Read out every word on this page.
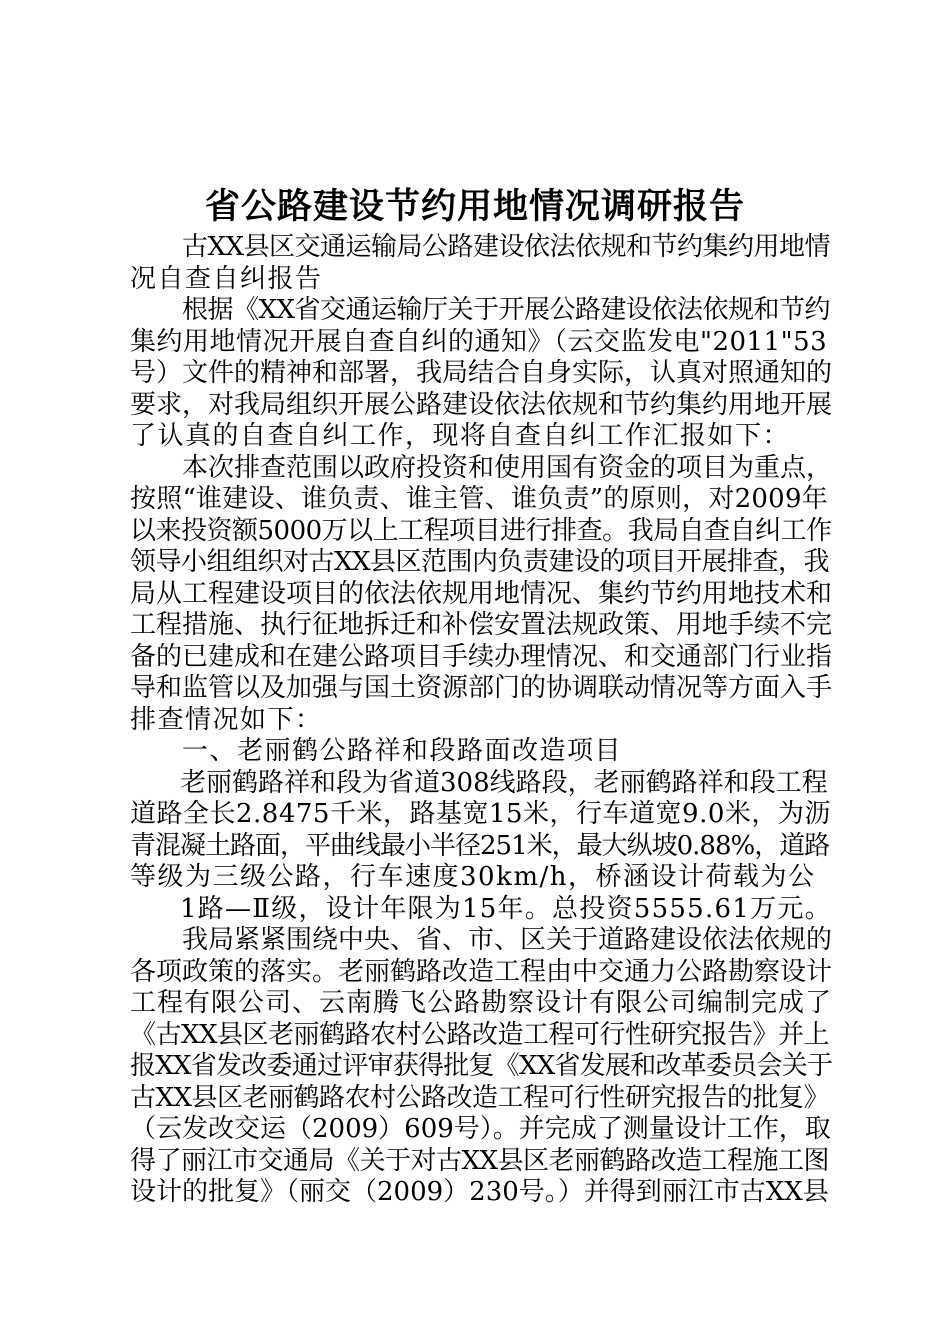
省公路建设节约用地情况调研报告
古XX县区交通运输局公路建设依法依规和节约集约用地情
况自查自纠报告
根据《XX省交通运输厅关于开展公路建设依法依规和节约
集约用地情况开展自查自纠的通知》（云交监发电"2011"53
号）文件的精神和部署，我局结合自身实际，认真对照通知的
要求，对我局组织开展公路建设依法依规和节约集约用地开展
了认真的自查自纠工作，现将自查自纠工作汇报如下：
本次排查范围以政府投资和使用国有资金的项目为重点，
按照“谁建设、谁负责、谁主管、谁负责”的原则，对2009年
以来投资额5000万以上工程项目进行排查。我局自查自纠工作
领导小组组织对古XX县区范围内负责建设的项目开展排查，我
局从工程建设项目的依法依规用地情况、集约节约用地技术和
工程措施、执行征地拆迁和补偿安置法规政策、用地手续不完
备的已建成和在建公路项目手续办理情况、和交通部门行业指
导和监管以及加强与国土资源部门的协调联动情况等方面入手
排查情况如下：
一、老丽鹤公路祥和段路面改造项目
老丽鹤路祥和段为省道308线路段，老丽鹤路祥和段工程
道路全长2.8475千米，路基宽15米，行车道宽9.0米，为沥
青混凝土路面，平曲线最小半径251米，最大纵坡0.88%，道路
等级为三级公路，行车速度30km/h，桥涵设计荷载为公
1路—Ⅱ级，设计年限为15年。总投资5555.61万元。
我局紧紧围绕中央、省、市、区关于道路建设依法依规的
各项政策的落实。老丽鹤路改造工程由中交通力公路勘察设计
工程有限公司、云南腾飞公路勘察设计有限公司编制完成了
《古XX县区老丽鹤路农村公路改造工程可行性研究报告》并上
报XX省发改委通过评审获得批复《XX省发展和改革委员会关于
古XX县区老丽鹤路农村公路改造工程可行性研究报告的批复》
（云发改交运（2009）609号）。并完成了测量设计工作，取
得了丽江市交通局《关于对古XX县区老丽鹤路改造工程施工图
设计的批复》（丽交（2009）230号。）并得到丽江市古XX县
